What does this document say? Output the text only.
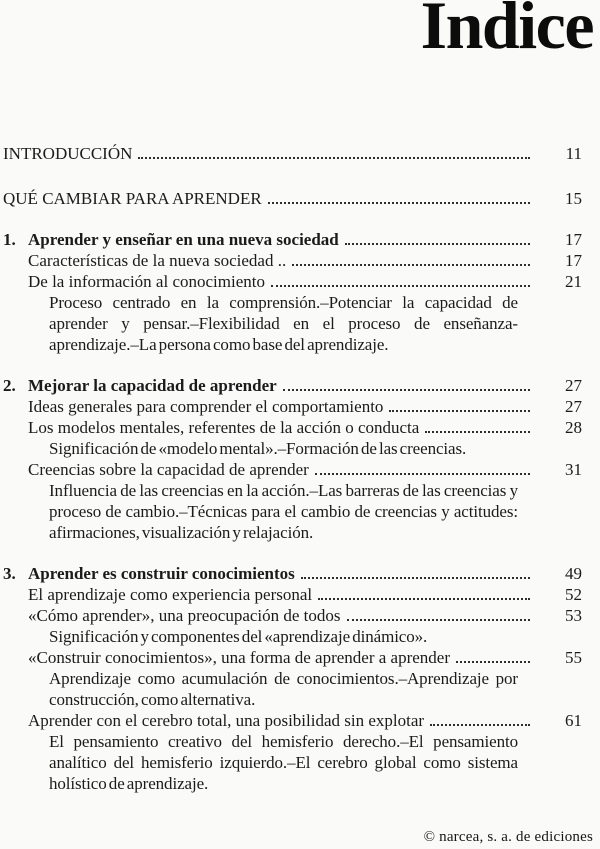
Indice
INTRODUCCIÓN	11
QUÉ CAMBIAR PARA APRENDER	15
1. Aprender y enseñar en una nueva sociedad	17
Características de la nueva sociedad ..	17
De la información al conocimiento	21
Proceso centrado en la comprensión.–Potenciar la capacidad de aprender y pensar.–Flexibilidad en el proceso de enseñanza-aprendizaje.–La persona como base del aprendizaje.
2. Mejorar la capacidad de aprender	27
Ideas generales para comprender el comportamiento	27
Los modelos mentales, referentes de la acción o conducta	28
Significación de «modelo mental».–Formación de las creencias.
Creencias sobre la capacidad de aprender	31
Influencia de las creencias en la acción.–Las barreras de las creencias y proceso de cambio.–Técnicas para el cambio de creencias y actitudes: afirmaciones, visualización y relajación.
3. Aprender es construir conocimientos	49
El aprendizaje como experiencia personal	52
«Cómo aprender», una preocupación de todos	53
Significación y componentes del «aprendizaje dinámico».
«Construir conocimientos», una forma de aprender a aprender	55
Aprendizaje como acumulación de conocimientos.–Aprendizaje por construcción, como alternativa.
Aprender con el cerebro total, una posibilidad sin explotar	61
El pensamiento creativo del hemisferio derecho.–El pensamiento analítico del hemisferio izquierdo.–El cerebro global como sistema holístico de aprendizaje.
© narcea, s. a. de ediciones
